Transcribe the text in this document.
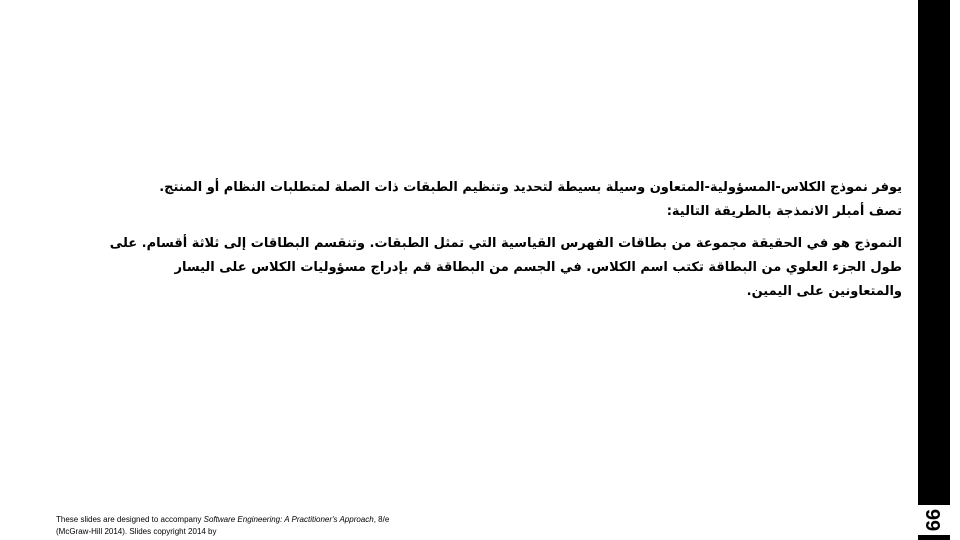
يوفر نموذج الكلاس-المسؤولية-المتعاون وسيلة بسيطة لتحديد وتنظيم الطبقات ذات الصلة لمتطلبات النظام أو المنتج.
تصف أمبلر الانمذجة بالطريقة التالية:
النموذج هو في الحقيقة مجموعة من بطاقات الفهرس القياسية التي تمثل الطبقات. وتنقسم البطاقات إلى ثلاثة أقسام. على
طول الجزء العلوي من البطاقة تكتب اسم الكلاس. في الجسم من البطاقة قم بإدراج مسؤوليات الكلاس على اليسار
والمتعاونين على اليمين.
These slides are designed to accompany Software Engineering: A Practitioner's Approach, 8/e (McGraw-Hill 2014). Slides copyright 2014 by
66
